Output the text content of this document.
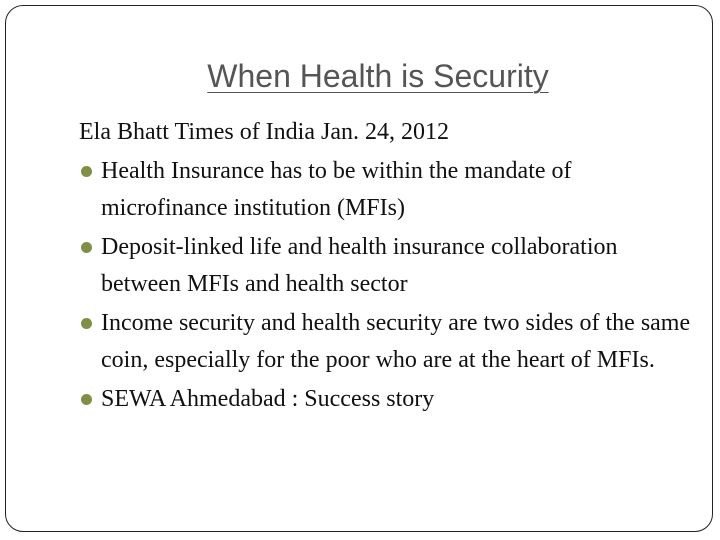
When Health is Security

Ela Bhatt Times of India Jan. 24, 2012

Health Insurance has to be within the mandate of microfinance institution (MFIs)
Deposit-linked life and health insurance collaboration between MFIs and health sector
Income security and health security are two sides of the same coin, especially for the poor who are at the heart of MFIs.
SEWA Ahmedabad : Success story
